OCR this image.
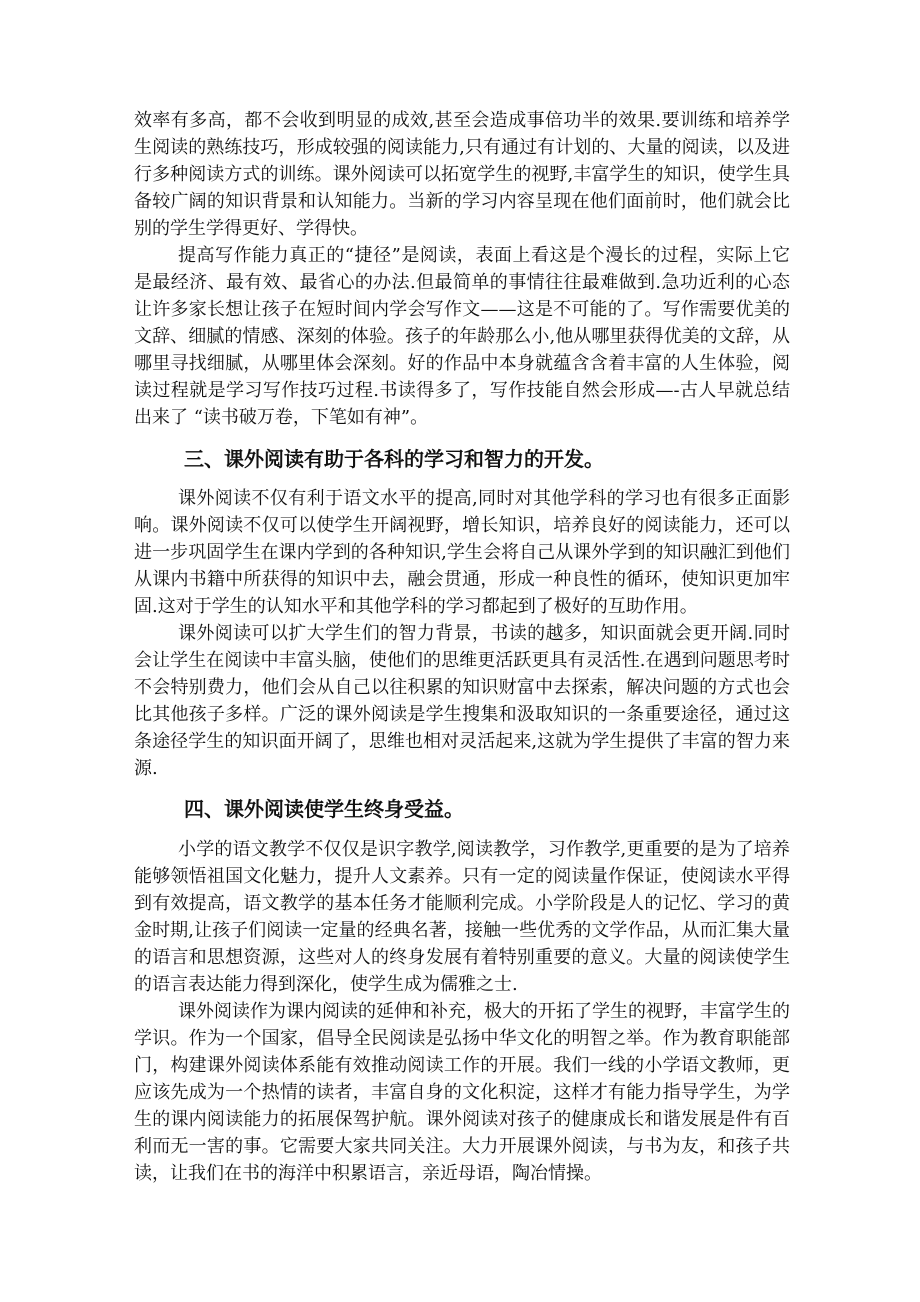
效率有多高，都不会收到明显的成效,甚至会造成事倍功半的效果.要训练和培养学生阅读的熟练技巧，形成较强的阅读能力,只有通过有计划的、大量的阅读，以及进行多种阅读方式的训练。课外阅读可以拓宽学生的视野,丰富学生的知识，使学生具备较广阔的知识背景和认知能力。当新的学习内容呈现在他们面前时，他们就会比别的学生学得更好、学得快。

提高写作能力真正的“捷径”是阅读，表面上看这是个漫长的过程，实际上它是最经济、最有效、最省心的办法.但最简单的事情往往最难做到.急功近利的心态让许多家长想让孩子在短时间内学会写作文——这是不可能的了。写作需要优美的文辞、细腻的情感、深刻的体验。孩子的年龄那么小,他从哪里获得优美的文辞，从哪里寻找细腻，从哪里体会深刻。好的作品中本身就蕴含含着丰富的人生体验，阅读过程就是学习写作技巧过程.书读得多了，写作技能自然会形成—-古人早就总结出来了 “读书破万卷，下笔如有神”。

三、课外阅读有助于各科的学习和智力的开发。

课外阅读不仅有利于语文水平的提高,同时对其他学科的学习也有很多正面影响。课外阅读不仅可以使学生开阔视野，增长知识，培养良好的阅读能力，还可以进一步巩固学生在课内学到的各种知识,学生会将自己从课外学到的知识融汇到他们从课内书籍中所获得的知识中去，融会贯通，形成一种良性的循环，使知识更加牢固.这对于学生的认知水平和其他学科的学习都起到了极好的互助作用。

课外阅读可以扩大学生们的智力背景，书读的越多，知识面就会更开阔.同时会让学生在阅读中丰富头脑，使他们的思维更活跃更具有灵活性.在遇到问题思考时不会特别费力，他们会从自己以往积累的知识财富中去探索，解决问题的方式也会比其他孩子多样。广泛的课外阅读是学生搜集和汲取知识的一条重要途径，通过这条途径学生的知识面开阔了，思维也相对灵活起来,这就为学生提供了丰富的智力来源.

四、课外阅读使学生终身受益。

小学的语文教学不仅仅是识字教学,阅读教学，习作教学,更重要的是为了培养能够领悟祖国文化魅力，提升人文素养。只有一定的阅读量作保证，使阅读水平得到有效提高，语文教学的基本任务才能顺利完成。小学阶段是人的记忆、学习的黄金时期,让孩子们阅读一定量的经典名著，接触一些优秀的文学作品，从而汇集大量的语言和思想资源，这些对人的终身发展有着特别重要的意义。大量的阅读使学生的语言表达能力得到深化，使学生成为儒雅之士.

课外阅读作为课内阅读的延伸和补充，极大的开拓了学生的视野，丰富学生的学识。作为一个国家，倡导全民阅读是弘扬中华文化的明智之举。作为教育职能部门，构建课外阅读体系能有效推动阅读工作的开展。我们一线的小学语文教师，更应该先成为一个热情的读者，丰富自身的文化积淀，这样才有能力指导学生，为学生的课内阅读能力的拓展保驾护航。课外阅读对孩子的健康成长和谐发展是件有百利而无一害的事。它需要大家共同关注。大力开展课外阅读，与书为友，和孩子共读，让我们在书的海洋中积累语言，亲近母语，陶冶情操。
